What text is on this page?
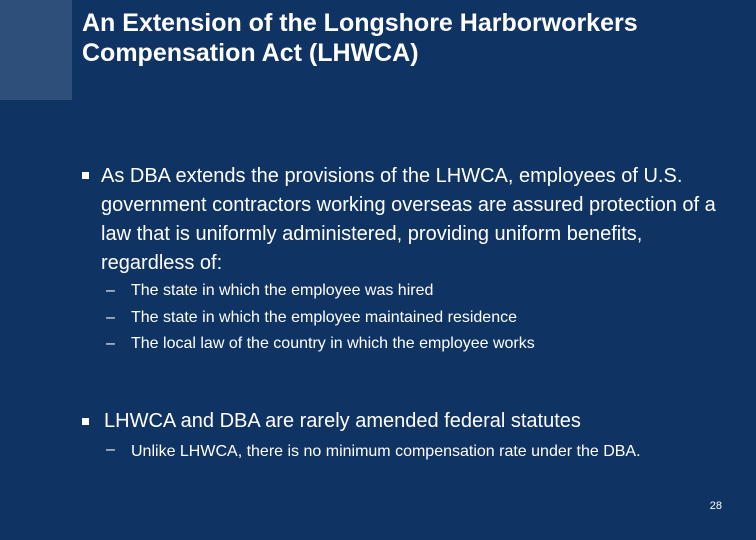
An Extension of the Longshore Harborworkers Compensation Act (LHWCA)
As DBA extends the provisions of the LHWCA, employees of U.S. government contractors working overseas are assured protection of a law that is uniformly administered, providing uniform benefits, regardless of:
– The state in which the employee was hired
– The state in which the employee maintained residence
– The local law of the country in which the employee works
LHWCA and DBA are rarely amended federal statutes
– Unlike LHWCA, there is no minimum compensation rate under the DBA.
28
